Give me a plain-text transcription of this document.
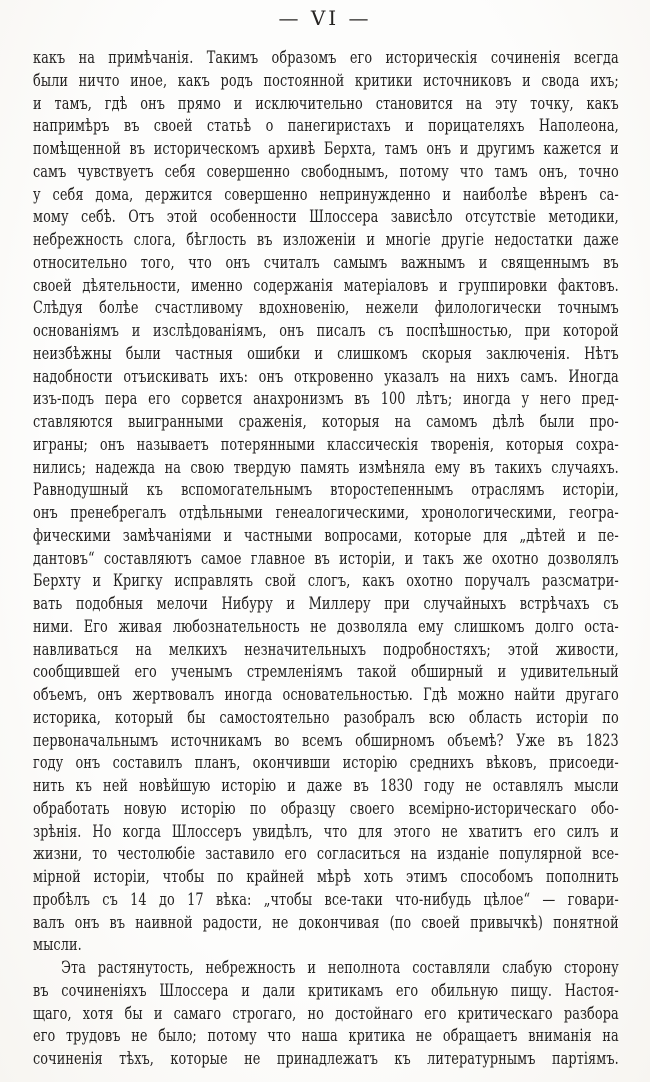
— VI —
какъ на примѣчанія. Такимъ образомъ его историческія сочиненія всегда
были ничто иное, какъ родъ постоянной критики источниковъ и свода ихъ;
и тамъ, гдѣ онъ прямо и исключительно становится на эту точку, какъ
напримѣръ въ своей статьѣ о панегиристахъ и порицателяхъ Наполеона,
помѣщенной въ историческомъ архивѣ Берхта, тамъ онъ и другимъ кажется и
самъ чувствуетъ себя совершенно свободнымъ, потому что тамъ онъ, точно
у себя дома, держится совершенно непринужденно и наиболѣе вѣренъ са-
мому себѣ. Отъ этой особенности Шлоссера зависѣло отсутствіе методики,
небрежность слога, бѣглость въ изложеніи и многіе другіе недостатки даже
относительно того, что онъ считалъ самымъ важнымъ и священнымъ въ
своей дѣятельности, именно содержанія матеріаловъ и группировки фактовъ.
Слѣдуя болѣе счастливому вдохновенію, нежели филологически точнымъ
основаніямъ и изслѣдованіямъ, онъ писалъ съ поспѣшностью, при которой
неизбѣжны были частныя ошибки и слишкомъ скорыя заключенія. Нѣтъ
надобности отъискивать ихъ: онъ откровенно указалъ на нихъ самъ. Иногда
изъ-подъ пера его сорвется анахронизмъ въ 100 лѣтъ; иногда у него пред-
ставляются выигранными сраженія, которыя на самомъ дѣлѣ были про-
играны; онъ называетъ потерянными классическія творенія, которыя сохра-
нились; надежда на свою твердую память измѣняла ему въ такихъ случаяхъ.
Равнодушный къ вспомогательнымъ второстепеннымъ отраслямъ исторіи,
онъ пренебрегалъ отдѣльными генеалогическими, хронологическими, геогра-
фическими замѣчаніями и частными вопросами, которые для „дѣтей и пе-
дантовъ“ составляютъ самое главное въ исторіи, и такъ же охотно дозволялъ
Берхту и Кригку исправлять свой слогъ, какъ охотно поручалъ разсматри-
вать подобныя мелочи Нибуру и Миллеру при случайныхъ встрѣчахъ съ
ними. Его живая любознательность не дозволяла ему слишкомъ долго оста-
навливаться на мелкихъ незначительныхъ подробностяхъ; этой живости,
сообщившей его ученымъ стремленіямъ такой обширный и удивительный
объемъ, онъ жертвовалъ иногда основательностью. Гдѣ можно найти другаго
историка, который бы самостоятельно разобралъ всю область исторіи по
первоначальнымъ источникамъ во всемъ обширномъ объемѣ? Уже въ 1823
году онъ составилъ планъ, окончивши исторію среднихъ вѣковъ, присоеди-
нить къ ней новѣйшую исторію и даже въ 1830 году не оставлялъ мысли
обработать новую исторію по образцу своего всемірно-историческаго обо-
зрѣнія. Но когда Шлоссеръ увидѣлъ, что для этого не хватитъ его силъ и
жизни, то честолюбіе заставило его согласиться на изданіе популярной все-
мірной исторіи, чтобы по крайней мѣрѣ хоть этимъ способомъ пополнить
пробѣлъ съ 14 до 17 вѣка: „чтобы все-таки что-нибудь цѣлое“ — говари-
валъ онъ въ наивной радости, не докончивая (по своей привычкѣ) понятной
мысли.
Эта растянутость, небрежность и неполнота составляли слабую сторону
въ сочиненіяхъ Шлоссера и дали критикамъ его обильную пищу. Настоя-
щаго, хотя бы и самаго строгаго, но достойнаго его критическаго разбора
его трудовъ не было; потому что наша критика не обращаетъ вниманія на
сочиненія тѣхъ, которые не принадлежатъ къ литературнымъ партіямъ.
